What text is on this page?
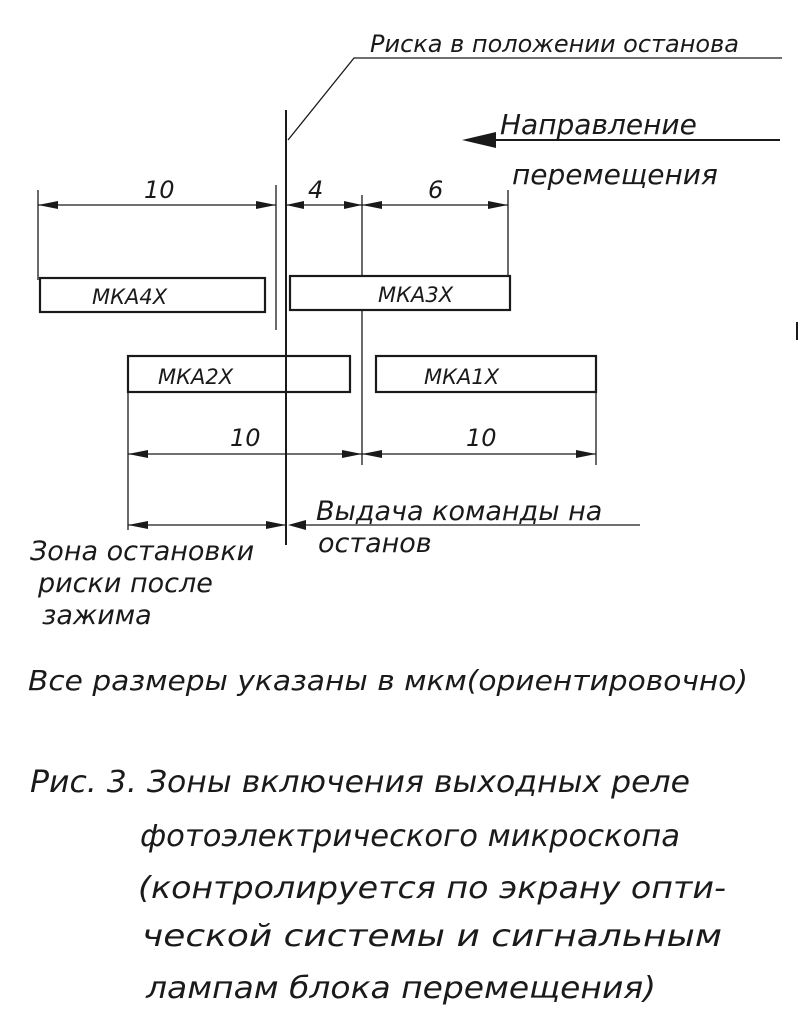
Риска в положении останова
Направление
перемещения
10	4	6
МКА4Х	МКА3Х
МКА2Х	МКА1Х
10	10
Выдача команды на
останов
Зона остановки
риски после
зажима
Все размеры указаны в мкм(ориентировочно)
Рис. 3. Зоны включения выходных реле
фотоэлектрического микроскопа
(контролируется по экрану опти-
ческой системы и сигнальным
лампам блока перемещения)
